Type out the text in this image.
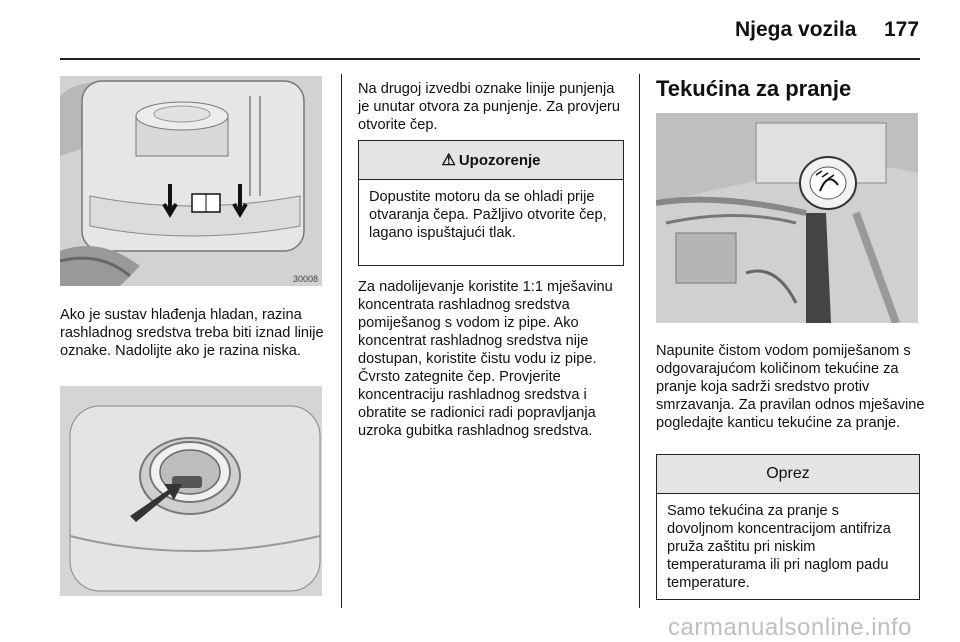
Njega vozila 177
30008
Ako je sustav hlađenja hladan, razina rashladnog sredstva treba biti iznad linije oznake. Nadolijte ako je razina niska.
Na drugoj izvedbi oznake linije punjenja je unutar otvora za punjenje. Za provjeru otvorite čep.
⚠ Upozorenje
Dopustite motoru da se ohladi prije otvaranja čepa. Pažljivo otvorite čep, lagano ispuštajući tlak.
Za nadolijevanje koristite 1:1 mješavinu koncentrata rashladnog sredstva pomiješanog s vodom iz pipe. Ako koncentrat rashladnog sredstva nije dostupan, koristite čistu vodu iz pipe. Čvrsto zategnite čep. Provjerite koncentraciju rashladnog sredstva i obratite se radionici radi popravljanja uzroka gubitka rashladnog sredstva.
Tekućina za pranje
Napunite čistom vodom pomiješanom s odgovarajućom količinom tekućine za pranje koja sadrži sredstvo protiv smrzavanja. Za pravilan odnos mješavine pogledajte kanticu tekućine za pranje.
Oprez
Samo tekućina za pranje s dovoljnom koncentracijom antifriza pruža zaštitu pri niskim temperaturama ili pri naglom padu temperature.
carmanualsonline.info
